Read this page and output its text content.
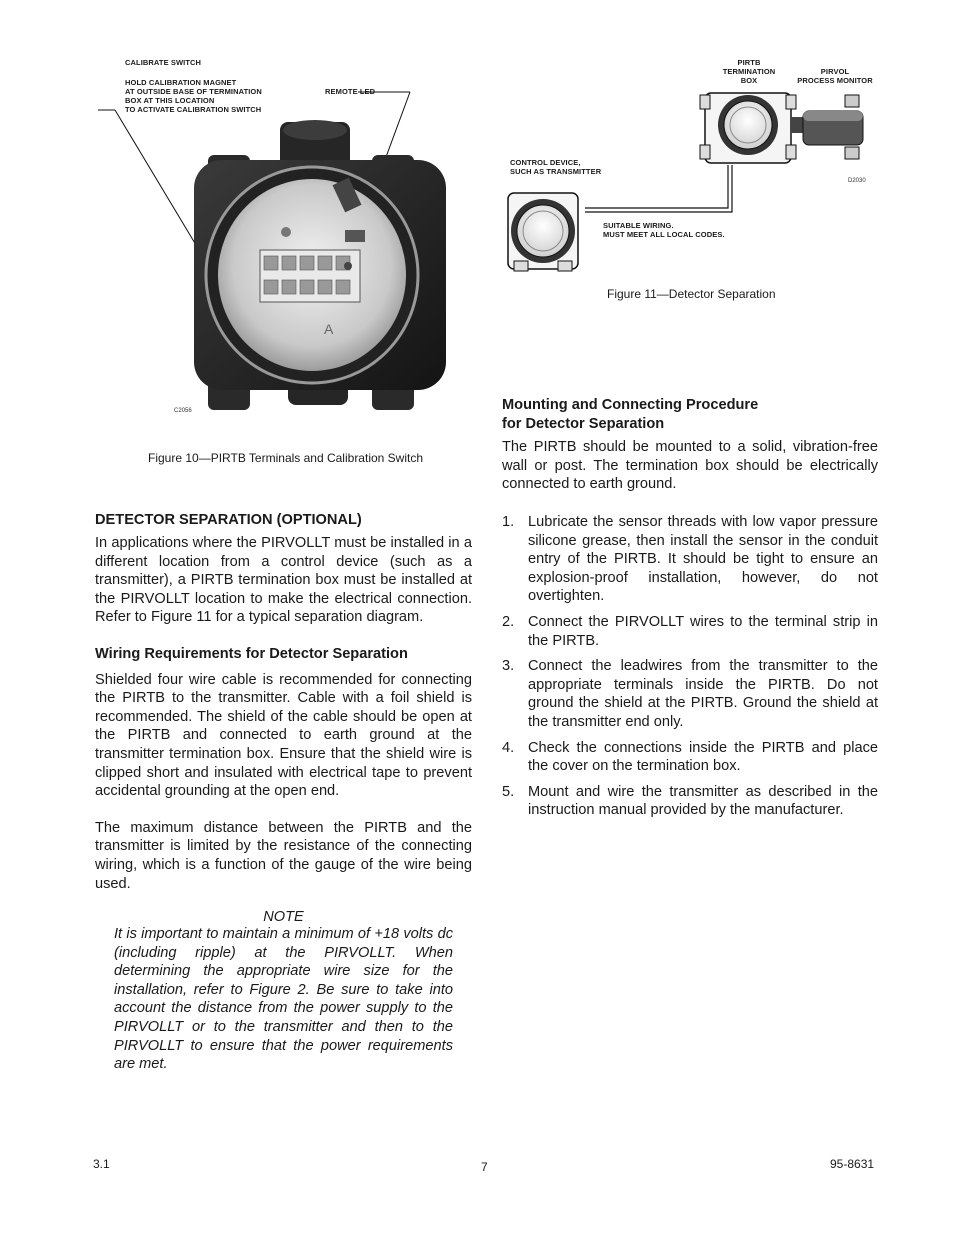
CALIBRATE SWITCH
HOLD CALIBRATION MAGNET
AT OUTSIDE BASE OF TERMINATION
BOX AT THIS LOCATION
TO ACTIVATE CALIBRATION SWITCH
REMOTE LED
A
C2056
Figure 10—PIRTB Terminals and Calibration Switch
PIRTB
TERMINATION
BOX
PIRVOL
PROCESS MONITOR
CONTROL DEVICE,
SUCH AS TRANSMITTER
SUITABLE WIRING.
MUST MEET ALL LOCAL CODES.
D2030
Figure 11—Detector Separation
DETECTOR SEPARATION (OPTIONAL)

In applications where the PIRVOLLT must be installed in a different location from a control device (such as a transmitter), a PIRTB termination box must be installed at the PIRVOLLT location to make the electrical connection. Refer to Figure 11 for a typical separation diagram.

Wiring Requirements for Detector Separation

Shielded four wire cable is recommended for connecting the PIRTB to the transmitter. Cable with a foil shield is recommended. The shield of the cable should be open at the PIRTB and connected to earth ground at the transmitter termination box. Ensure that the shield wire is clipped short and insulated with electrical tape to prevent accidental grounding at the open end.

The maximum distance between the PIRTB and the transmitter is limited by the resistance of the connecting wiring, which is a function of the gauge of the wire being used.

NOTE

It is important to maintain a minimum of +18 volts dc (including ripple) at the PIRVOLLT. When determining the appropriate wire size for the installation, refer to Figure 2. Be sure to take into account the distance from the power supply to the PIRVOLLT or to the transmitter and then to the PIRVOLLT to ensure that the power requirements are met.

Mounting and Connecting Procedure
for Detector Separation

The PIRTB should be mounted to a solid, vibration-free wall or post. The termination box should be electrically connected to earth ground.

1. Lubricate the sensor threads with low vapor pressure silicone grease, then install the sensor in the conduit entry of the PIRTB. It should be tight to ensure an explosion-proof installation, however, do not overtighten.
2. Connect the PIRVOLLT wires to the terminal strip in the PIRTB.
3. Connect the leadwires from the transmitter to the appropriate terminals inside the PIRTB. Do not ground the shield at the PIRTB. Ground the shield at the transmitter end only.
4. Check the connections inside the PIRTB and place the cover on the termination box.
5. Mount and wire the transmitter as described in the instruction manual provided by the manufacturer.
3.1	7	95-8631
